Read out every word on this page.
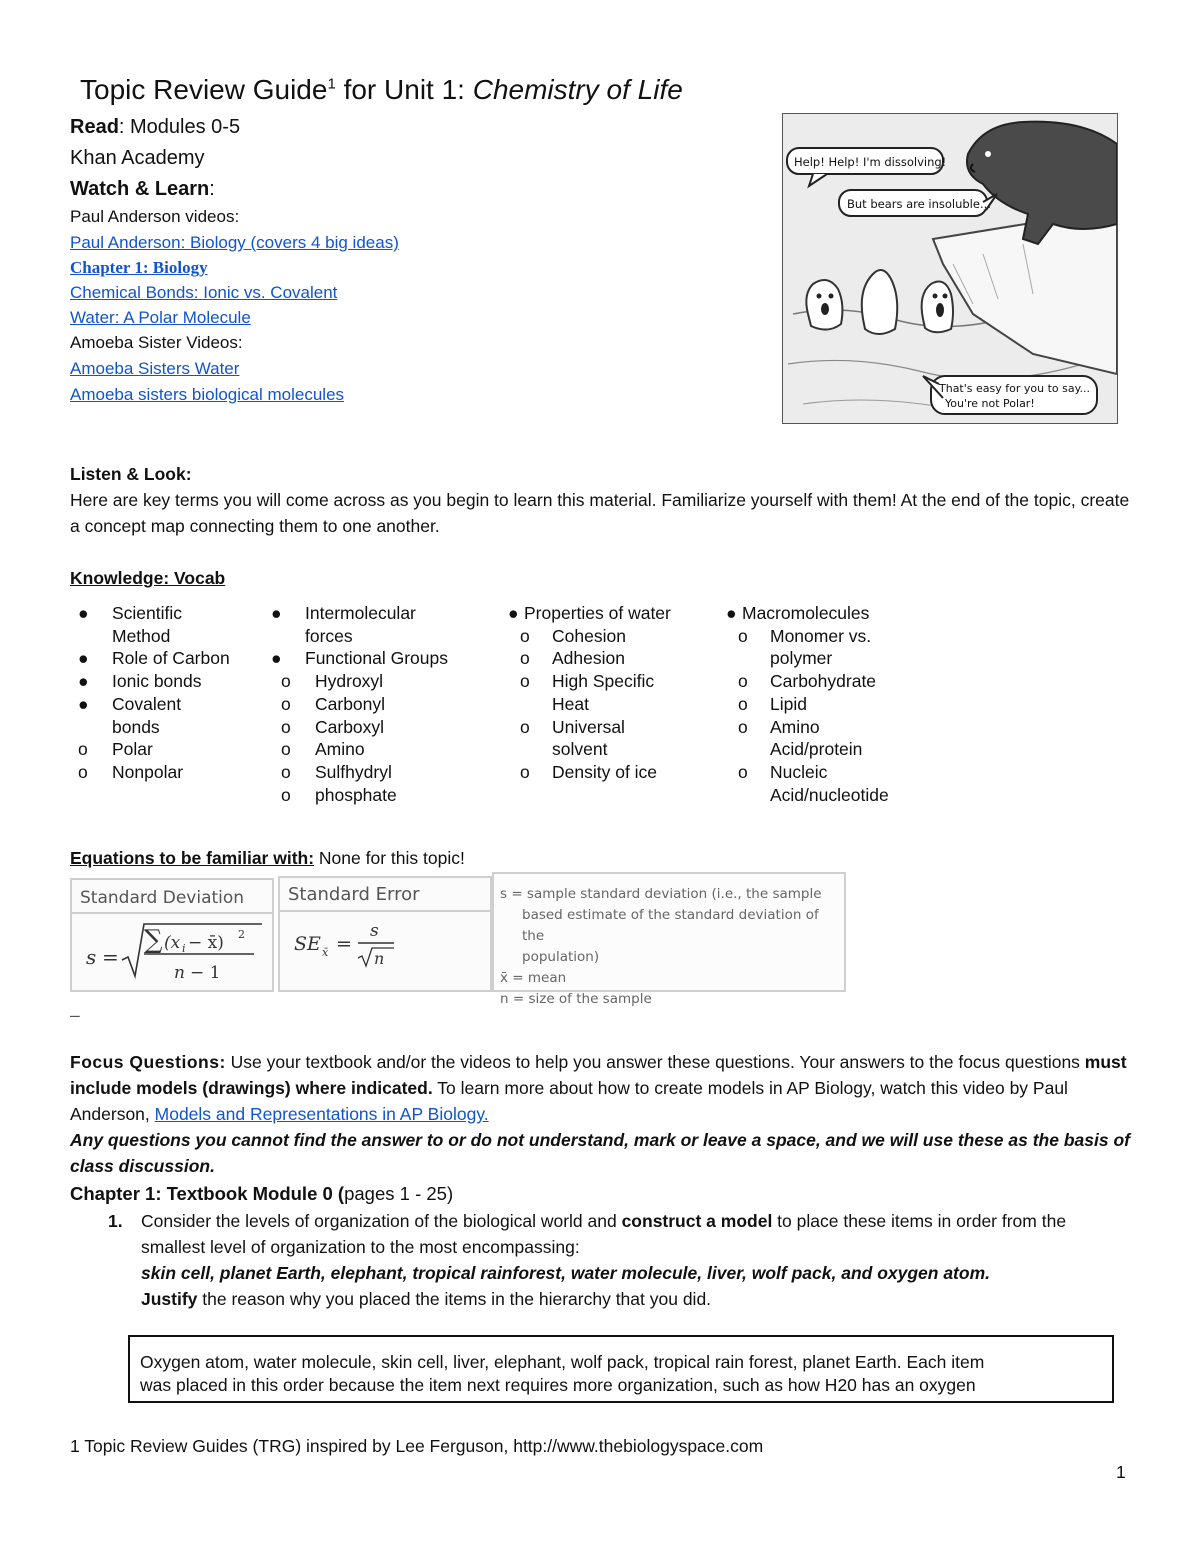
Topic Review Guide$^1$ for Unit 1: Chemistry of Life
Read: Modules 0-5
Khan Academy
Watch & Learn:
Paul Anderson videos:
Paul Anderson: Biology (covers 4 big ideas)
Chapter 1: Biology
Chemical Bonds: Ionic vs. Covalent
Water: A Polar Molecule
Amoeba Sister Videos:
Amoeba Sisters Water
Amoeba sisters biological molecules
Help! Help! I'm dissolving!
But bears are insoluble...
That's easy for you to say...
You're not Polar!
Listen & Look:
Here are key terms you will come across as you begin to learn this material. Familiarize yourself with them! At the end of the topic, create a concept map connecting them to one another.
Knowledge: Vocab
● Scientific
Method
● Role of Carbon
● Ionic bonds
● Covalent
bonds
o Polar
o Nonpolar
● Intermolecular
forces
● Functional Groups
o Hydroxyl
o Carbonyl
o Carboxyl
o Amino
o Sulfhydryl
o phosphate
● Properties of water
o Cohesion
o Adhesion
o High Specific
Heat
o Universal
solvent
o Density of ice
● Macromolecules
o Monomer vs.
polymer
o Carbohydrate
o Lipid
o Amino
Acid/protein
o Nucleic
Acid/nucleotide
Equations to be familiar with: None for this topic!
Standard Deviation
s =
∑ (x i − x̄) 2
n − 1
Standard Error
SE x̄ =
s
n
s = sample standard deviation (i.e., the sample
based estimate of the standard deviation of the
population)
x̄ = mean
n = size of the sample
–
Focus Questions: Use your textbook and/or the videos to help you answer these questions. Your answers to the focus questions must include models (drawings) where indicated. To learn more about how to create models in AP Biology, watch this video by Paul Anderson, Models and Representations in AP Biology.
Any questions you cannot find the answer to or do not understand, mark or leave a space, and we will use these as the basis of class discussion.
Chapter 1: Textbook Module 0 (pages 1 - 25)
1. Consider the levels of organization of the biological world and construct a model to place these items in order from the smallest level of organization to the most encompassing:
skin cell, planet Earth, elephant, tropical rainforest, water molecule, liver, wolf pack, and oxygen atom.
Justify the reason why you placed the items in the hierarchy that you did.
Oxygen atom, water molecule, skin cell, liver, elephant, wolf pack, tropical rain forest, planet Earth. Each item
was placed in this order because the item next requires more organization, such as how H20 has an oxygen
1 Topic Review Guides (TRG) inspired by Lee Ferguson, http://www.thebiologyspace.com
1
